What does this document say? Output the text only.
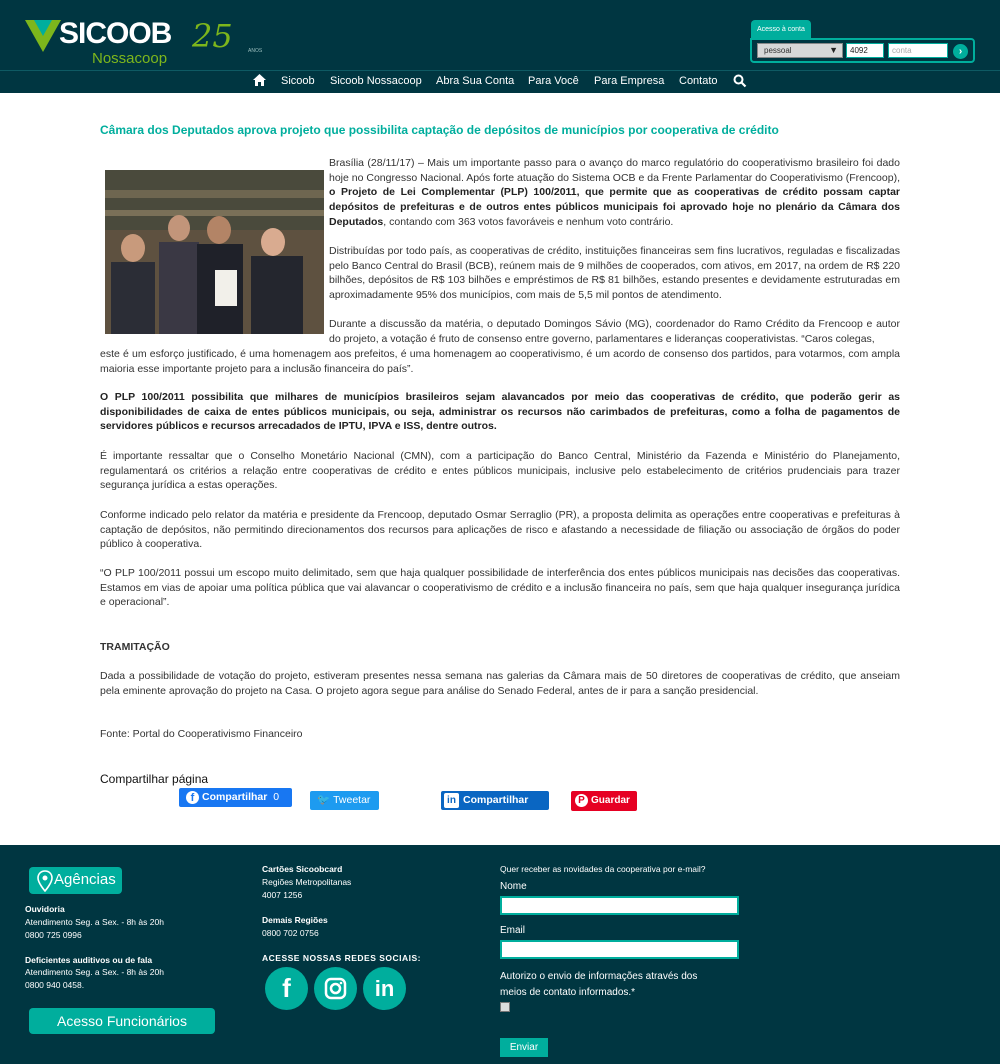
SICOOB
Nossacoop
25	ANOS
Acesso à conta
pessoal	▼	4092	conta	›
Sicoob Sicoob Nossacoop Abra Sua Conta Para Você Para Empresa Contato
Câmara dos Deputados aprova projeto que possibilita captação de depósitos de municípios por cooperativa de crédito
Brasília (28/11/17) – Mais um importante passo para o avanço do marco regulatório do cooperativismo brasileiro foi dado hoje no Congresso Nacional. Após forte atuação do Sistema OCB e da Frente Parlamentar do Cooperativismo (Frencoop), o Projeto de Lei Complementar (PLP) 100/2011, que permite que as cooperativas de crédito possam captar depósitos de prefeituras e de outros entes públicos municipais foi aprovado hoje no plenário da Câmara dos Deputados, contando com 363 votos favoráveis e nenhum voto contrário.
Distribuídas por todo país, as cooperativas de crédito, instituições financeiras sem fins lucrativos, reguladas e fiscalizadas pelo Banco Central do Brasil (BCB), reúnem mais de 9 milhões de cooperados, com ativos, em 2017, na ordem de R$ 220 bilhões, depósitos de R$ 103 bilhões e empréstimos de R$ 81 bilhões, estando presentes e devidamente estruturadas em aproximadamente 95% dos municípios, com mais de 5,5 mil pontos de atendimento.
Durante a discussão da matéria, o deputado Domingos Sávio (MG), coordenador do Ramo Crédito da Frencoop e autor do projeto, a votação é fruto de consenso entre governo, parlamentares e lideranças cooperativistas. “Caros colegas,
este é um esforço justificado, é uma homenagem aos prefeitos, é uma homenagem ao cooperativismo, é um acordo de consenso dos partidos, para votarmos, com ampla maioria esse importante projeto para a inclusão financeira do país”.
O PLP 100/2011 possibilita que milhares de municípios brasileiros sejam alavancados por meio das cooperativas de crédito, que poderão gerir as disponibilidades de caixa de entes públicos municipais, ou seja, administrar os recursos não carimbados de prefeituras, como a folha de pagamentos de servidores públicos e recursos arrecadados de IPTU, IPVA e ISS, dentre outros.
É importante ressaltar que o Conselho Monetário Nacional (CMN), com a participação do Banco Central, Ministério da Fazenda e Ministério do Planejamento, regulamentará os critérios a relação entre cooperativas de crédito e entes públicos municipais, inclusive pelo estabelecimento de critérios prudenciais para trazer segurança jurídica a estas operações.
Conforme indicado pelo relator da matéria e presidente da Frencoop, deputado Osmar Serraglio (PR), a proposta delimita as operações entre cooperativas e prefeituras à captação de depósitos, não permitindo direcionamentos dos recursos para aplicações de risco e afastando a necessidade de filiação ou associação de órgãos do poder público à cooperativa.
“O PLP 100/2011 possui um escopo muito delimitado, sem que haja qualquer possibilidade de interferência dos entes públicos municipais nas decisões das cooperativas. Estamos em vias de apoiar uma política pública que vai alavancar o cooperativismo de crédito e a inclusão financeira no país, sem que haja qualquer insegurança jurídica e operacional”.
TRAMITAÇÃO
Dada a possibilidade de votação do projeto, estiveram presentes nessa semana nas galerias da Câmara mais de 50 diretores de cooperativas de crédito, que anseiam pela eminente aprovação do projeto na Casa. O projeto agora segue para análise do Senado Federal, antes de ir para a sanção presidencial.
Fonte: Portal do Cooperativismo Financeiro
Compartilhar página
f Compartilhar 0	🐦 Tweetar	in Compartilhar	P Guardar
Agências
Ouvidoria
Atendimento Seg. a Sex. - 8h às 20h
0800 725 0996
Deficientes auditivos ou de fala
Atendimento Seg. a Sex. - 8h às 20h
0800 940 0458.
Acesso Funcionários
Cartões Sicoobcard
Regiões Metropolitanas
4007 1256
Demais Regiões
0800 702 0756
ACESSE NOSSAS REDES SOCIAIS:
f	in
Quer receber as novidades da cooperativa por e-mail?
Nome
Email
Autorizo o envio de informações através dos
meios de contato informados.*
Enviar
